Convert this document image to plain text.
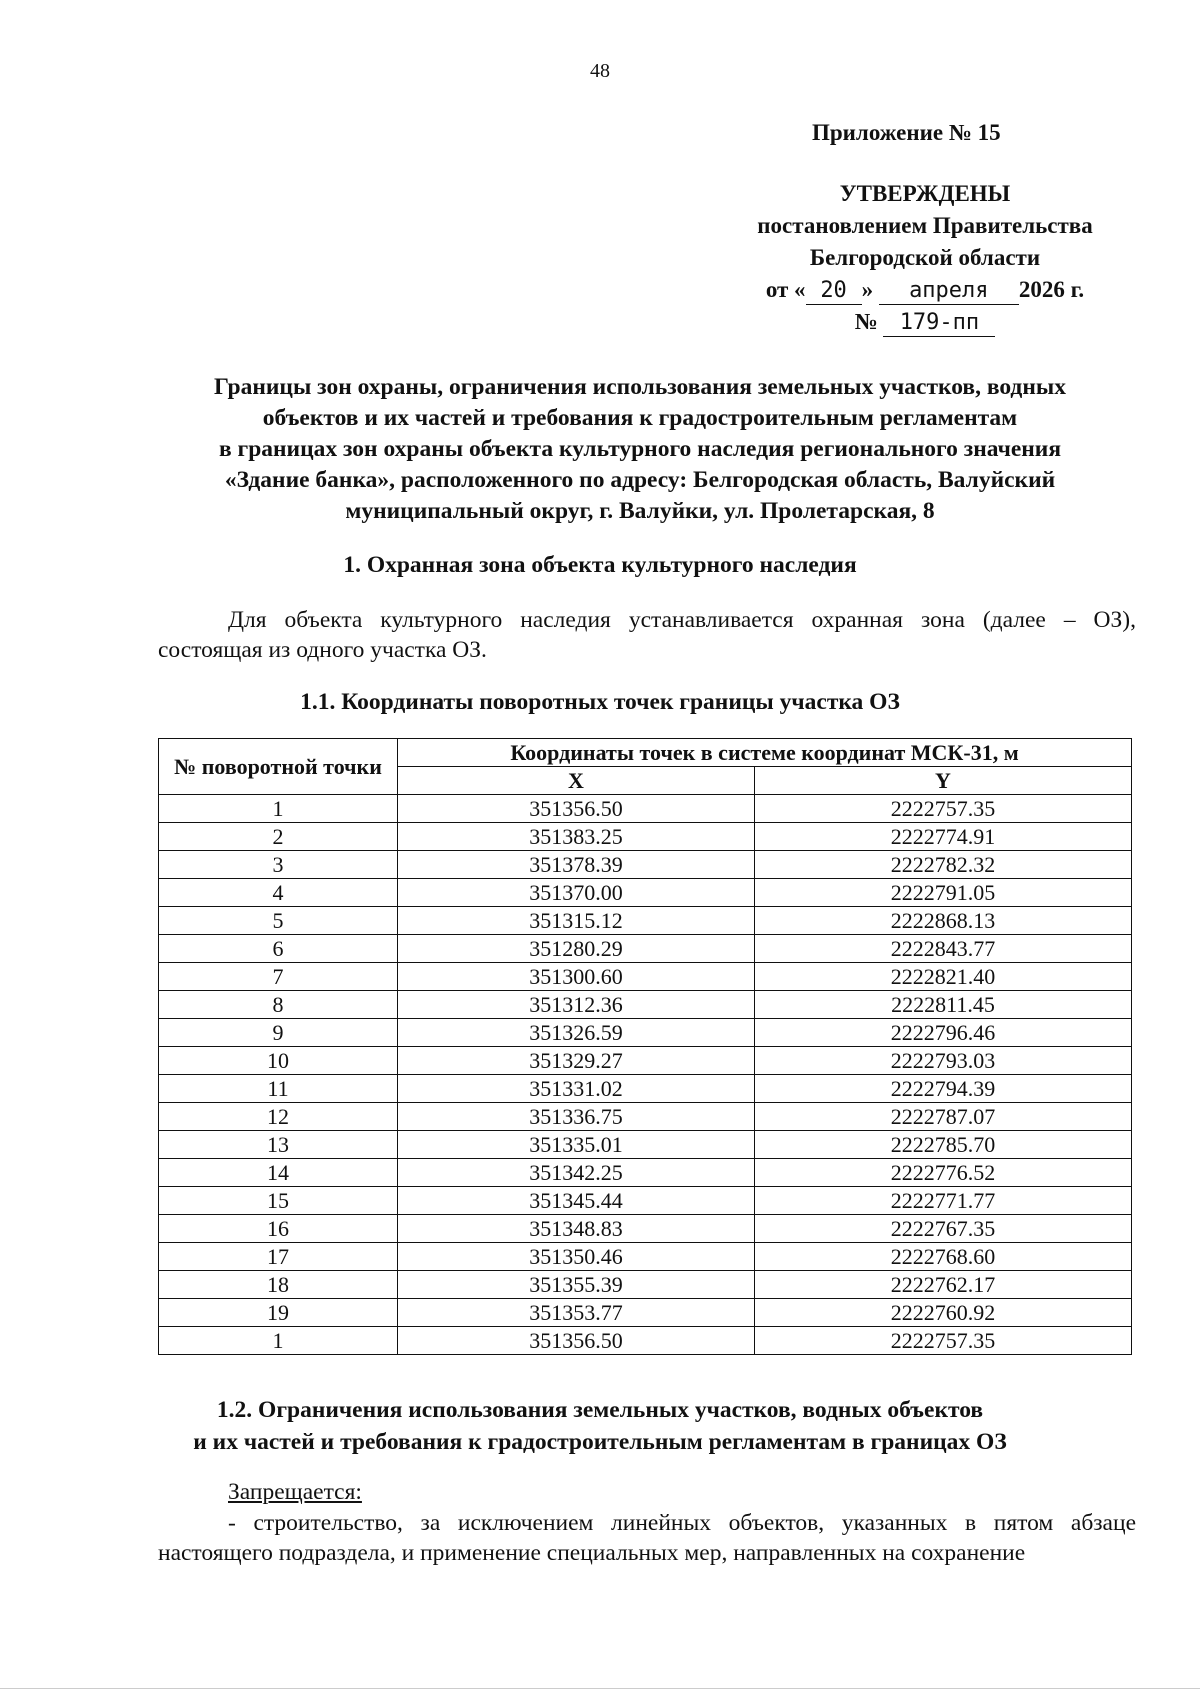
48
Приложение № 15
УТВЕРЖДЕНЫ
постановлением Правительства
Белгородской области
от « 20 » апреля 2026 г.
№ 179-пп
Границы зон охраны, ограничения использования земельных участков, водных
объектов и их частей и требования к градостроительным регламентам
в границах зон охраны объекта культурного наследия регионального значения
«Здание банка», расположенного по адресу: Белгородская область, Валуйский
муниципальный округ, г. Валуйки, ул. Пролетарская, 8
1. Охранная зона объекта культурного наследия
Для объекта культурного наследия устанавливается охранная зона (далее – ОЗ), состоящая из одного участка ОЗ.
1.1. Координаты поворотных точек границы участка ОЗ
№ поворотной точки	Координаты точек в системе координат МСК-31, м	
	X	Y
1	351356.50	2222757.35
2	351383.25	2222774.91
3	351378.39	2222782.32
4	351370.00	2222791.05
5	351315.12	2222868.13
6	351280.29	2222843.77
7	351300.60	2222821.40
8	351312.36	2222811.45
9	351326.59	2222796.46
10	351329.27	2222793.03
11	351331.02	2222794.39
12	351336.75	2222787.07
13	351335.01	2222785.70
14	351342.25	2222776.52
15	351345.44	2222771.77
16	351348.83	2222767.35
17	351350.46	2222768.60
18	351355.39	2222762.17
19	351353.77	2222760.92
1	351356.50	2222757.35
1.2. Ограничения использования земельных участков, водных объектов
и их частей и требования к градостроительным регламентам в границах ОЗ
Запрещается:
- строительство, за исключением линейных объектов, указанных в пятом абзаце настоящего подраздела, и применение специальных мер, направленных на сохранение
